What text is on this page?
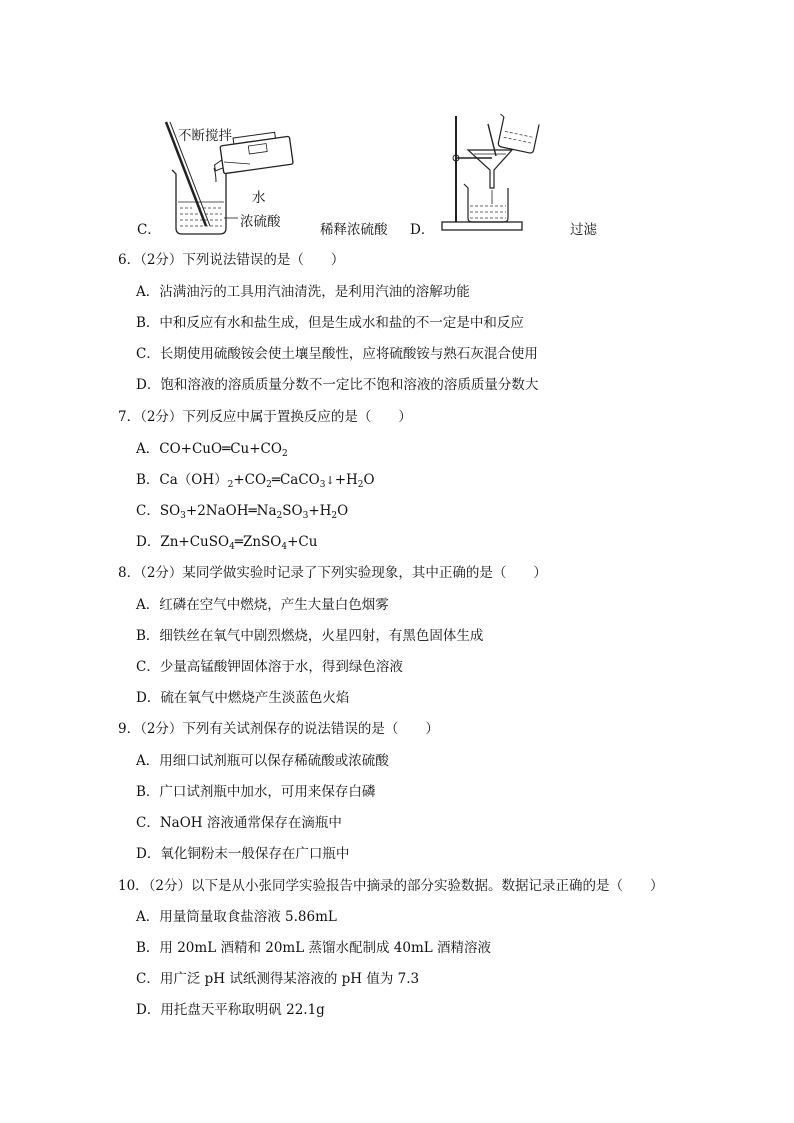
C．
不断搅拌
水
浓硫酸	稀释浓硫酸 D．	过滤
6．（2分）下列说法错误的是（　　）
A．沾满油污的工具用汽油清洗，是利用汽油的溶解功能
B．中和反应有水和盐生成，但是生成水和盐的不一定是中和反应
C．长期使用硫酸铵会使土壤呈酸性，应将硫酸铵与熟石灰混合使用
D．饱和溶液的溶质质量分数不一定比不饱和溶液的溶质质量分数大
7．（2分）下列反应中属于置换反应的是（　　）
A．$CO+CuO═Cu+CO_2$
B．$Ca(OH)_2+CO_2═CaCO_3↓+H_2O$
C．$SO_3+2NaOH═Na_2SO_3+H_2O$
D．Zn+CuSO$_4$═ZnSO$_4$+Cu
8．（2分）某同学做实验时记录了下列实验现象，其中正确的是（　　）
A．红磷在空气中燃烧，产生大量白色烟雾
B．细铁丝在氧气中剧烈燃烧，火星四射，有黑色固体生成
C．少量高锰酸钾固体溶于水，得到绿色溶液
D．硫在氧气中燃烧产生淡蓝色火焰
9．（2分）下列有关试剂保存的说法错误的是（　　）
A．用细口试剂瓶可以保存稀硫酸或浓硫酸
B．广口试剂瓶中加水，可用来保存白磷
C．NaOH 溶液通常保存在滴瓶中
D．氧化铜粉末一般保存在广口瓶中
10．（2分）以下是从小张同学实验报告中摘录的部分实验数据。数据记录正确的是（　　）
A．用量筒量取食盐溶液 5.86mL
B．用 20mL 酒精和 20mL 蒸馏水配制成 40mL 酒精溶液
C．用广泛 pH 试纸测得某溶液的 pH 值为 7.3
D．用托盘天平称取明矾 22.1g
